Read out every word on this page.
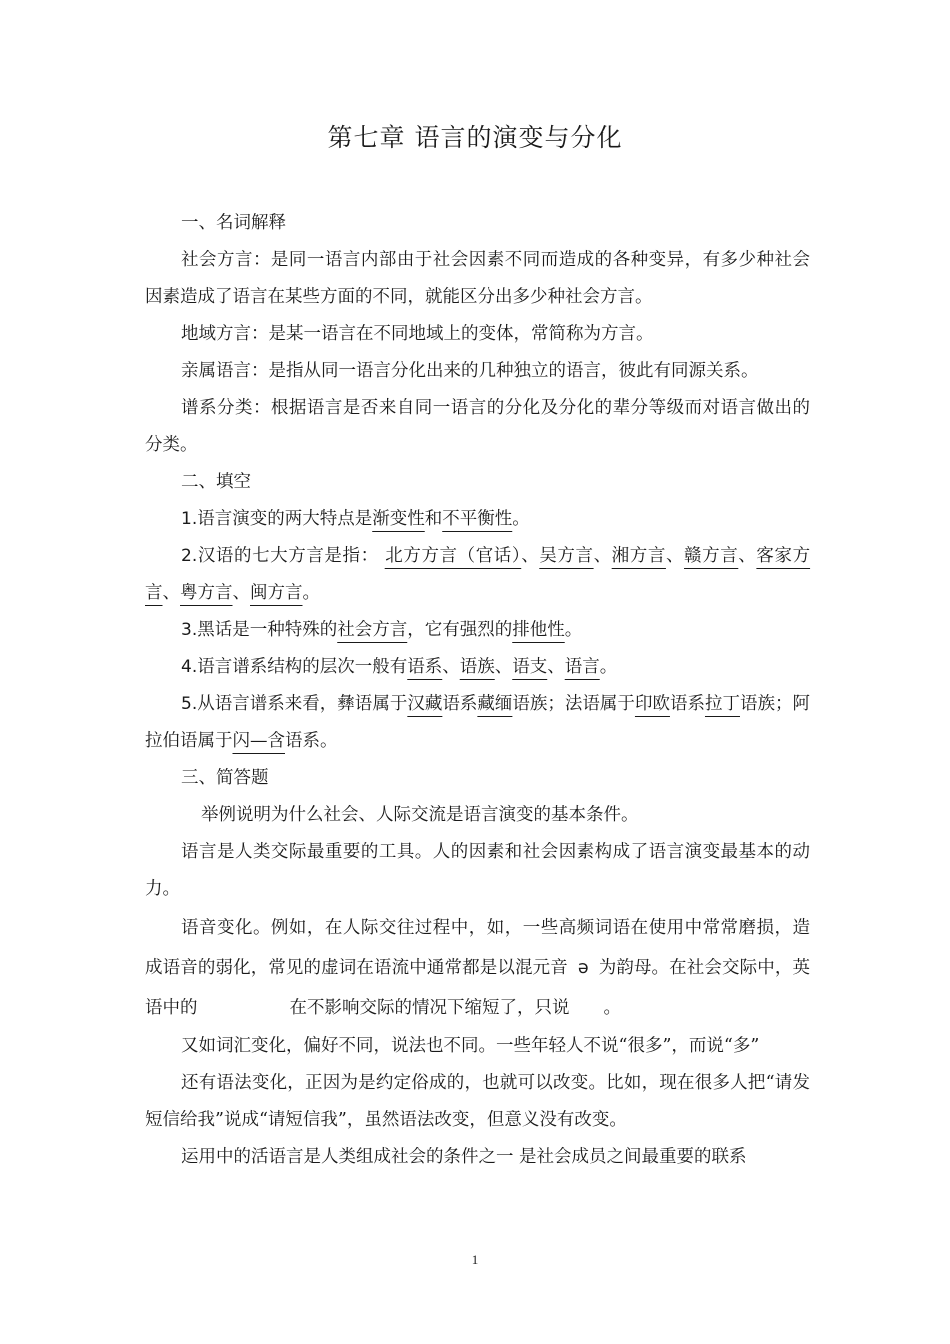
第七章 语言的演变与分化

一、名词解释

社会方言：是同一语言内部由于社会因素不同而造成的各种变异，有多少种社会因素造成了语言在某些方面的不同，就能区分出多少种社会方言。

地域方言：是某一语言在不同地域上的变体，常简称为方言。

亲属语言：是指从同一语言分化出来的几种独立的语言，彼此有同源关系。

谱系分类：根据语言是否来自同一语言的分化及分化的辈分等级而对语言做出的分类。

二、填空

1.语言演变的两大特点是渐变性和不平衡性。

2.汉语的七大方言是指： 北方方言（官话）、吴方言、湘方言、赣方言、客家方言、粤方言、闽方言。

3.黑话是一种特殊的社会方言，它有强烈的排他性。

4.语言谱系结构的层次一般有语系、语族、语支、语言。

5.从语言谱系来看，彝语属于汉藏语系藏缅语族；法语属于印欧语系拉丁语族；阿拉伯语属于闪—含语系。

三、简答题

举例说明为什么社会、人际交流是语言演变的基本条件。

语言是人类交际最重要的工具。人的因素和社会因素构成了语言演变最基本的动力。

语音变化。例如，在人际交往过程中，如，一些高频词语在使用中常常磨损，造成语音的弱化，常见的虚词在语流中通常都是以混元音 ə 为韵母。在社会交际中，英语中的	在不影响交际的情况下缩短了，只说 。

又如词汇变化，偏好不同，说法也不同。一些年轻人不说“很多”，而说“多”

还有语法变化，正因为是约定俗成的，也就可以改变。比如，现在很多人把“请发短信给我”说成“请短信我”，虽然语法改变，但意义没有改变。

运用中的活语言是人类组成社会的条件之一 是社会成员之间最重要的联系

1
